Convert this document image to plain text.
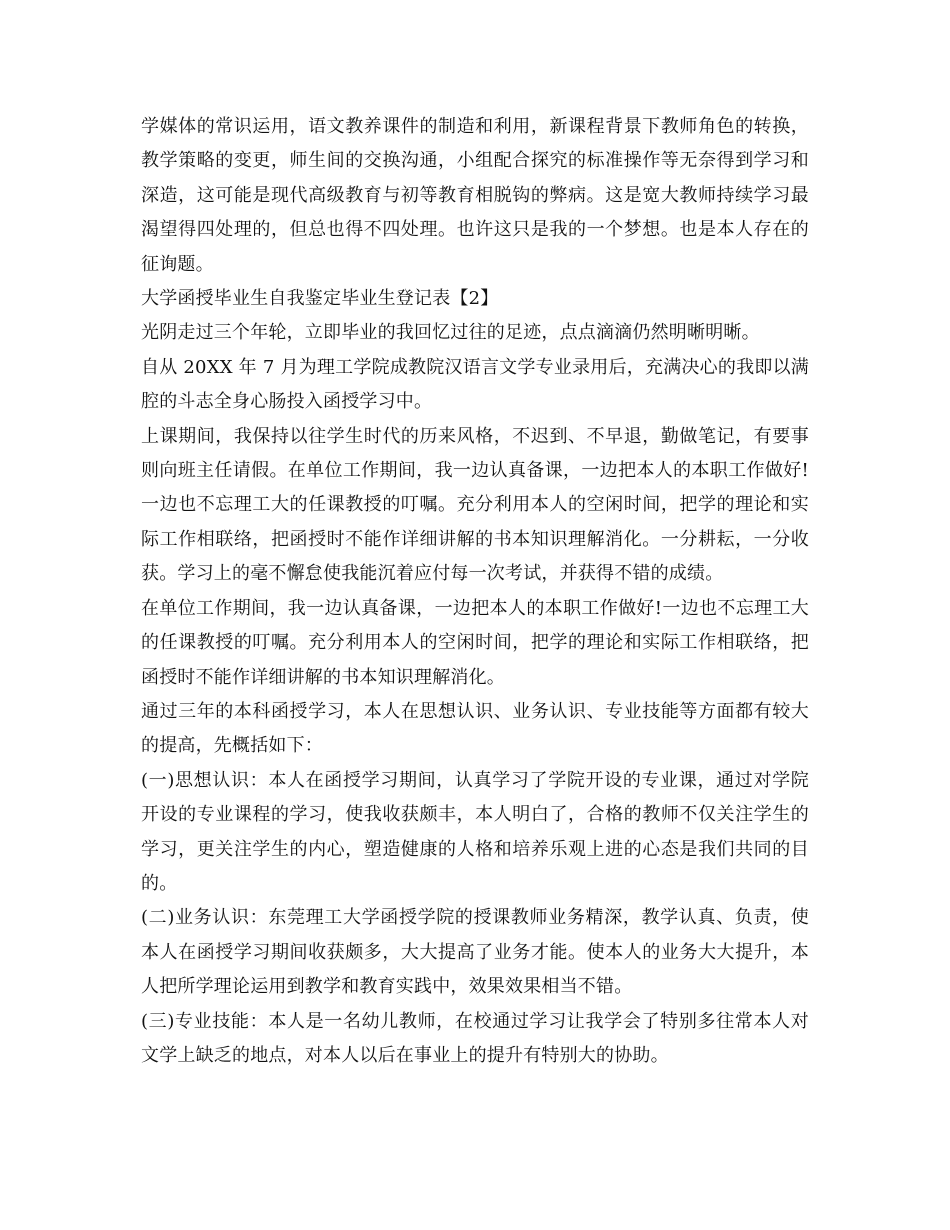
学媒体的常识运用，语文教养课件的制造和利用，新课程背景下教师角色的转换，教学策略的变更，师生间的交换沟通，小组配合探究的标准操作等无奈得到学习和深造，这可能是现代高级教育与初等教育相脱钩的弊病。这是宽大教师持续学习最渴望得四处理的，但总也得不四处理。也许这只是我的一个梦想。也是本人存在的征询题。

大学函授毕业生自我鉴定毕业生登记表【2】

光阴走过三个年轮，立即毕业的我回忆过往的足迹，点点滴滴仍然明晰明晰。

自从 20XX 年 7 月为理工学院成教院汉语言文学专业录用后，充满决心的我即以满腔的斗志全身心肠投入函授学习中。

上课期间，我保持以往学生时代的历来风格，不迟到、不早退，勤做笔记，有要事则向班主任请假。在单位工作期间，我一边认真备课，一边把本人的本职工作做好!一边也不忘理工大的任课教授的叮嘱。充分利用本人的空闲时间，把学的理论和实际工作相联络，把函授时不能作详细讲解的书本知识理解消化。一分耕耘，一分收获。学习上的毫不懈怠使我能沉着应付每一次考试，并获得不错的成绩。

在单位工作期间，我一边认真备课，一边把本人的本职工作做好!一边也不忘理工大的任课教授的叮嘱。充分利用本人的空闲时间，把学的理论和实际工作相联络，把函授时不能作详细讲解的书本知识理解消化。

通过三年的本科函授学习，本人在思想认识、业务认识、专业技能等方面都有较大的提高，先概括如下：

(一)思想认识：本人在函授学习期间，认真学习了学院开设的专业课，通过对学院开设的专业课程的学习，使我收获颇丰，本人明白了，合格的教师不仅关注学生的学习，更关注学生的内心，塑造健康的人格和培养乐观上进的心态是我们共同的目的。

(二)业务认识：东莞理工大学函授学院的授课教师业务精深，教学认真、负责，使本人在函授学习期间收获颇多，大大提高了业务才能。使本人的业务大大提升，本人把所学理论运用到教学和教育实践中，效果效果相当不错。

(三)专业技能：本人是一名幼儿教师，在校通过学习让我学会了特别多往常本人对文学上缺乏的地点，对本人以后在事业上的提升有特别大的协助。
